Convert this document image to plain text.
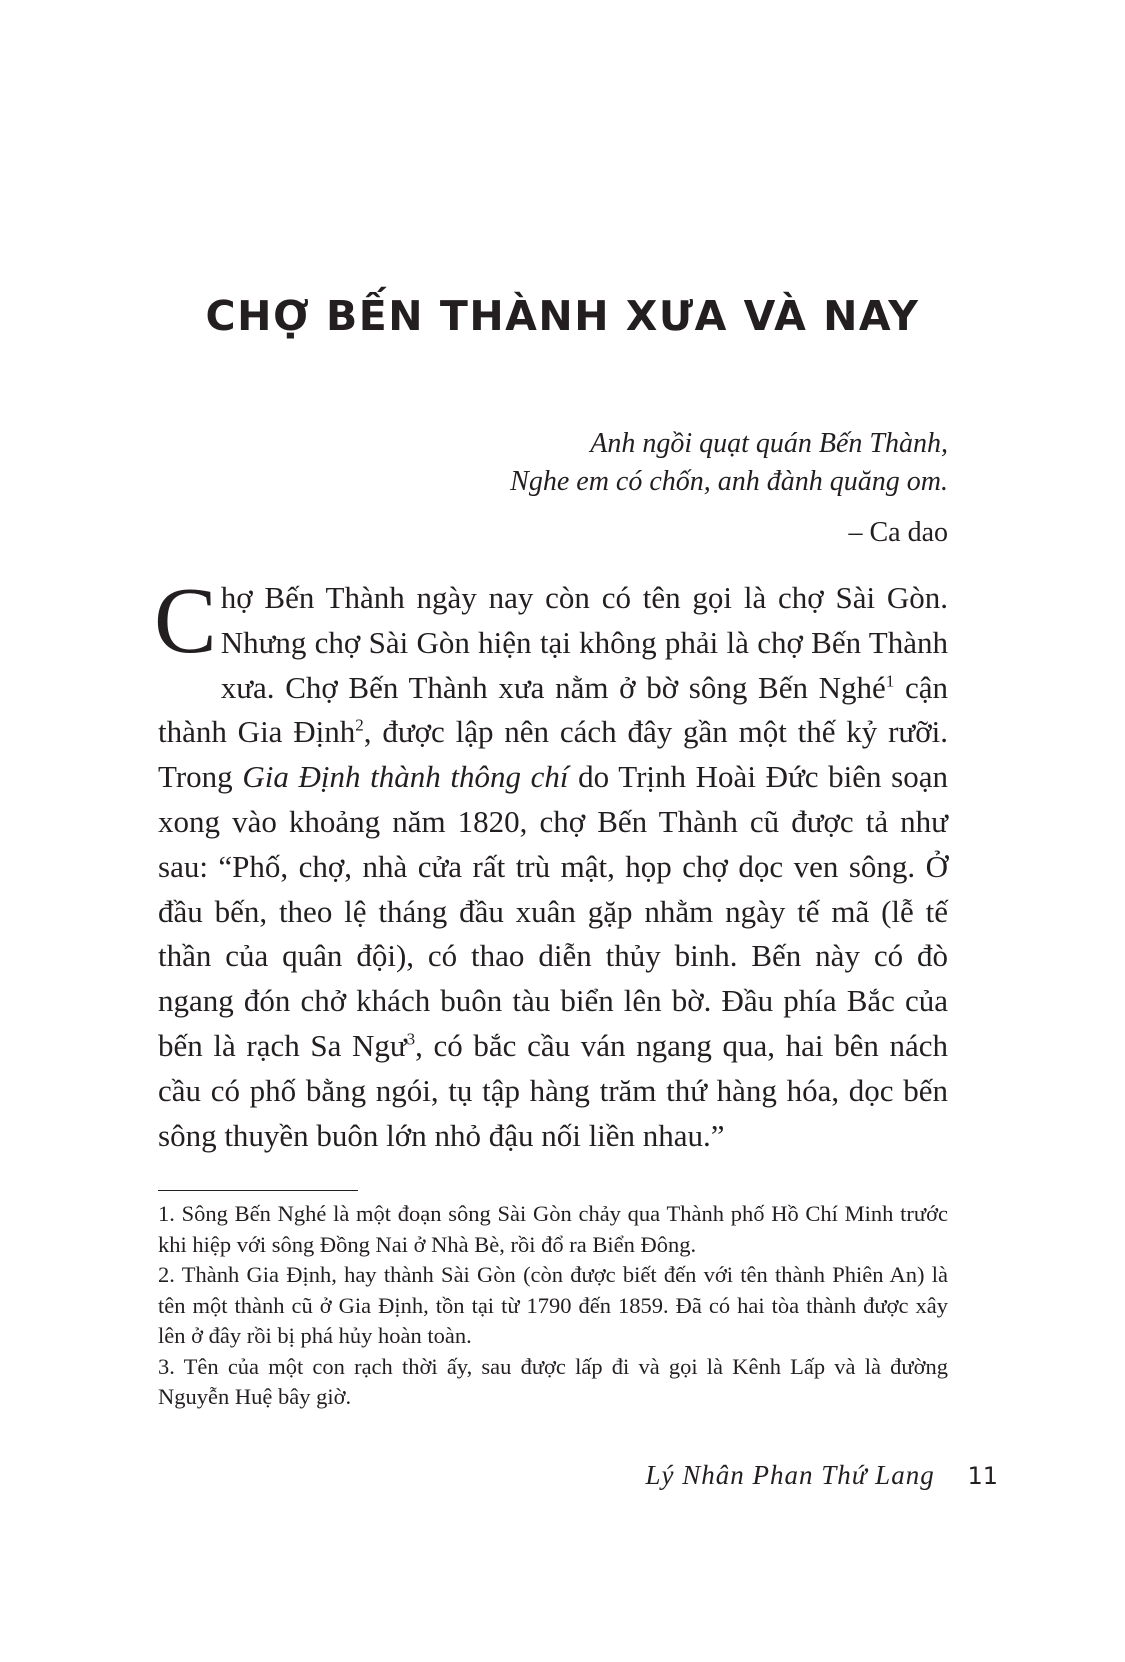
CHỢ BẾN THÀNH XƯA VÀ NAY
Anh ngồi quạt quán Bến Thành,
Nghe em có chốn, anh đành quăng om.
– Ca dao

Chợ Bến Thành ngày nay còn có tên gọi là chợ Sài Gòn. Nhưng chợ Sài Gòn hiện tại không phải là chợ Bến Thành xưa. Chợ Bến Thành xưa nằm ở bờ sông Bến Nghé$^1$ cận thành Gia Định$^2$, được lập nên cách đây gần một thế kỷ rưỡi. Trong Gia Định thành thông chí do Trịnh Hoài Đức biên soạn xong vào khoảng năm 1820, chợ Bến Thành cũ được tả như sau: “Phố, chợ, nhà cửa rất trù mật, họp chợ dọc ven sông. Ở đầu bến, theo lệ tháng đầu xuân gặp nhằm ngày tế mã (lễ tế thần của quân đội), có thao diễn thủy binh. Bến này có đò ngang đón chở khách buôn tàu biển lên bờ. Đầu phía Bắc của bến là rạch Sa Ngư$^3$, có bắc cầu ván ngang qua, hai bên nách cầu có phố bằng ngói, tụ tập hàng trăm thứ hàng hóa, dọc bến sông thuyền buôn lớn nhỏ đậu nối liền nhau.”

1. Sông Bến Nghé là một đoạn sông Sài Gòn chảy qua Thành phố Hồ Chí Minh trước khi hiệp với sông Đồng Nai ở Nhà Bè, rồi đổ ra Biển Đông.

2. Thành Gia Định, hay thành Sài Gòn (còn được biết đến với tên thành Phiên An) là tên một thành cũ ở Gia Định, tồn tại từ 1790 đến 1859. Đã có hai tòa thành được xây lên ở đây rồi bị phá hủy hoàn toàn.

3. Tên của một con rạch thời ấy, sau được lấp đi và gọi là Kênh Lấp và là đường Nguyễn Huệ bây giờ.

Lý Nhân Phan Thứ Lang 11
